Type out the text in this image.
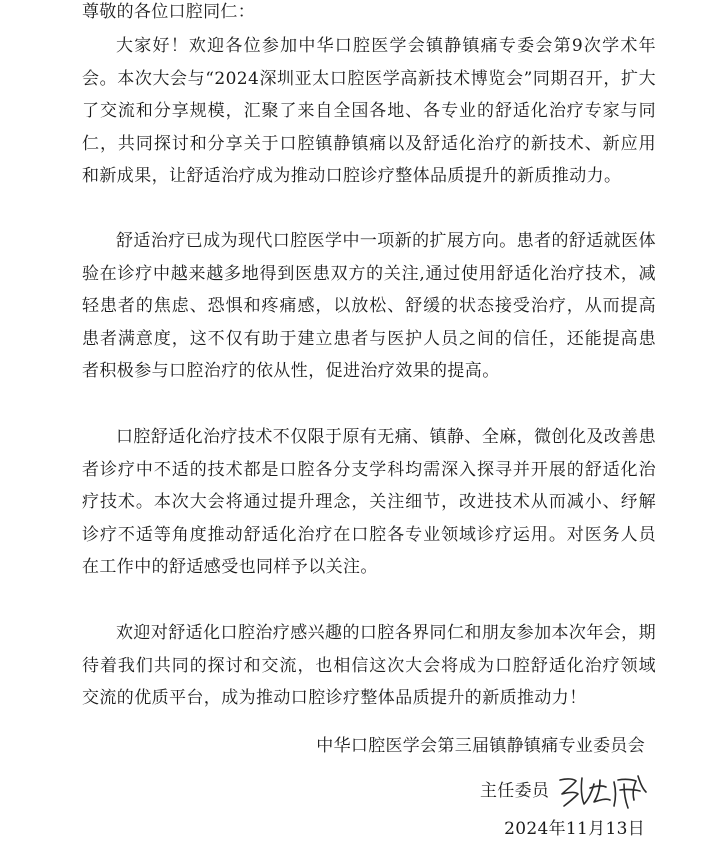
尊敬的各位口腔同仁：

大家好！欢迎各位参加中华口腔医学会镇静镇痛专委会第9次学术年会。本次大会与“2024深圳亚太口腔医学高新技术博览会”同期召开，扩大了交流和分享规模，汇聚了来自全国各地、各专业的舒适化治疗专家与同仁，共同探讨和分享关于口腔镇静镇痛以及舒适化治疗的新技术、新应用和新成果，让舒适治疗成为推动口腔诊疗整体品质提升的新质推动力。

舒适治疗已成为现代口腔医学中一项新的扩展方向。患者的舒适就医体验在诊疗中越来越多地得到医患双方的关注,通过使用舒适化治疗技术，减轻患者的焦虑、恐惧和疼痛感，以放松、舒缓的状态接受治疗，从而提高患者满意度，这不仅有助于建立患者与医护人员之间的信任，还能提高患者积极参与口腔治疗的依从性，促进治疗效果的提高。

口腔舒适化治疗技术不仅限于原有无痛、镇静、全麻，微创化及改善患者诊疗中不适的技术都是口腔各分支学科均需深入探寻并开展的舒适化治疗技术。本次大会将通过提升理念，关注细节，改进技术从而减小、纾解诊疗不适等角度推动舒适化治疗在口腔各专业领域诊疗运用。对医务人员在工作中的舒适感受也同样予以关注。

欢迎对舒适化口腔治疗感兴趣的口腔各界同仁和朋友参加本次年会，期待着我们共同的探讨和交流，也相信这次大会将成为口腔舒适化治疗领域交流的优质平台，成为推动口腔诊疗整体品质提升的新质推动力！

中华口腔医学会第三届镇静镇痛专业委员会
主任委员
2024年11月13日
